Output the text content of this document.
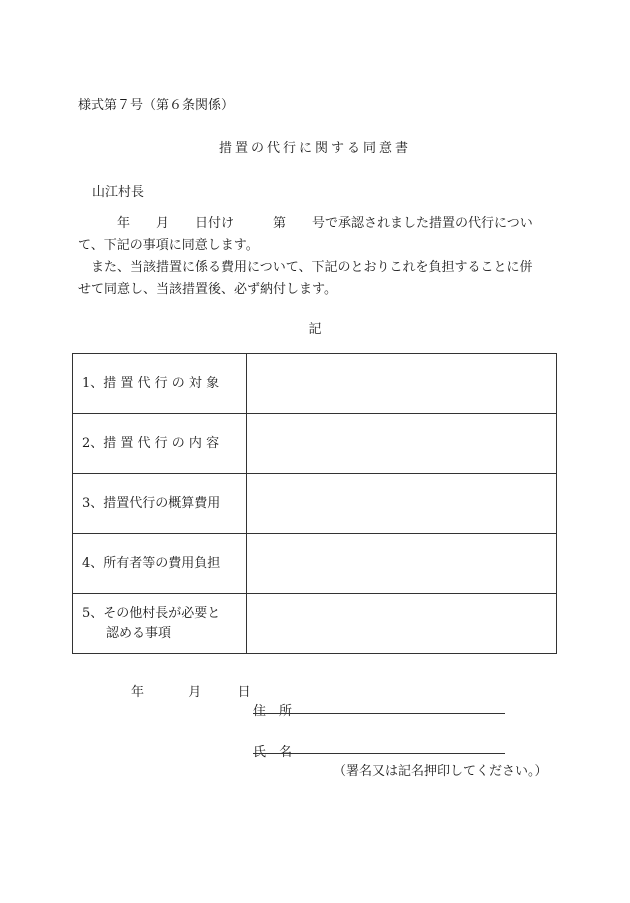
様式第７号（第６条関係）
措置の代行に関する同意書
山江村長
　　　年　　月　　日付け　　　第　　号で承認されました措置の代行につい
て、下記の事項に同意します。
　また、当該措置に係る費用について、下記のとおりこれを負担することに併
せて同意し、当該措置後、必ず納付します。
記
1、措 置 代 行 の 対 象	

2、措 置 代 行 の 内 容	

3、措置代行の概算費用	

4、所有者等の費用負担	

5、その他村長が必要と
認める事項	

年	月	日
住　所
氏　名
（署名又は記名押印してください。）
